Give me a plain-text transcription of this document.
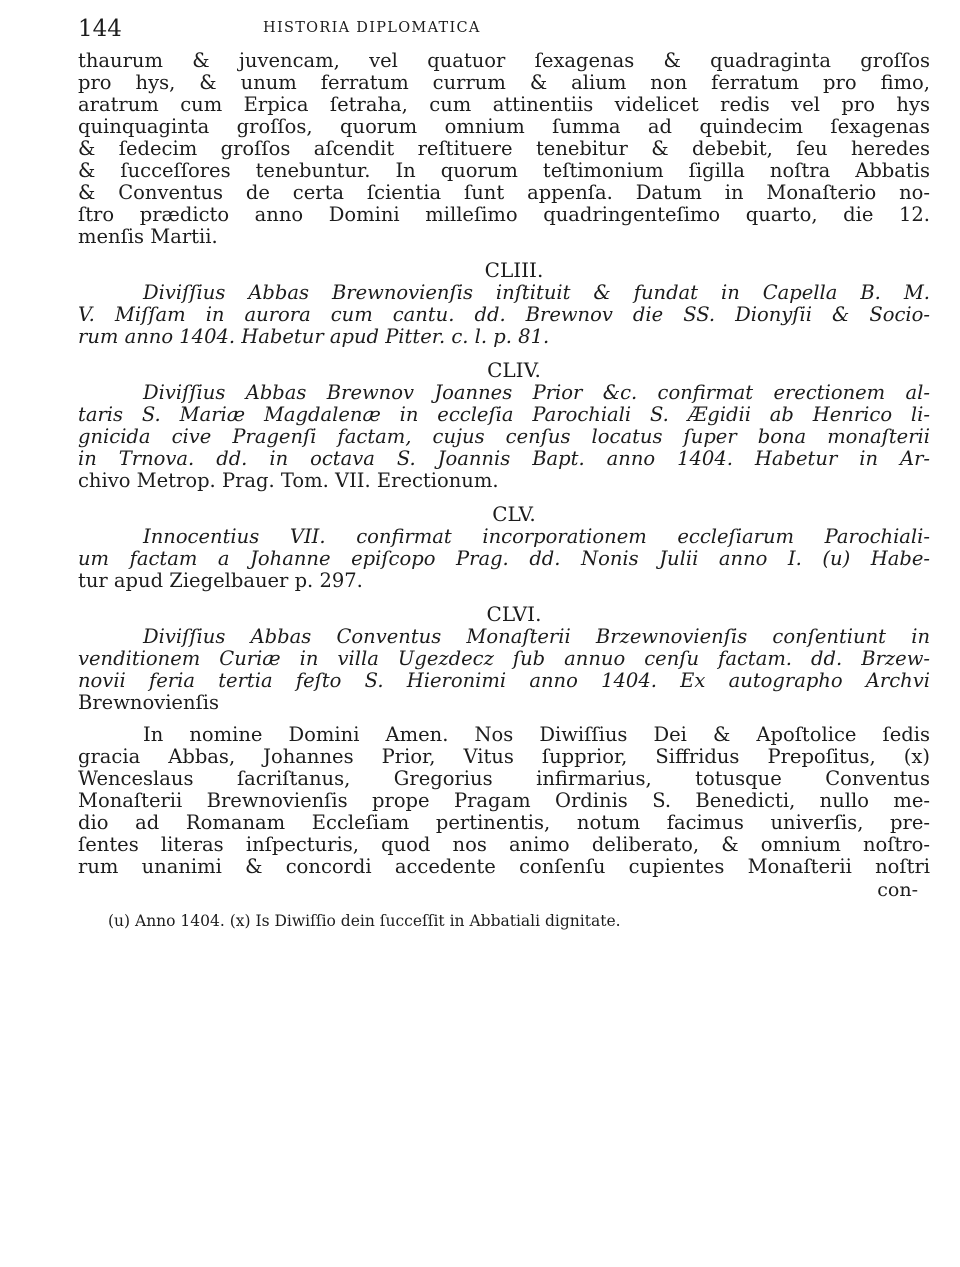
144	HISTORIA DIPLOMATICA
thaurum & juvencam, vel quatuor ſexagenas & quadraginta groſſos
pro hys, & unum ferratum currum & alium non ferratum pro fimo,
aratrum cum Erpica ſetraha, cum attinentiis videlicet redis vel pro hys
quinquaginta groſſos, quorum omnium ſumma ad quindecim ſexagenas
& ſedecim groſſos aſcendit reſtituere tenebitur & debebit, ſeu heredes
& ſucceſſores tenebuntur. In quorum teſtimonium ſigilla noſtra Abbatis
& Conventus de certa ſcientia ſunt appenſa. Datum in Monaſterio no-
ſtro prædicto anno Domini milleſimo quadringenteſimo quarto, die 12.
menſis Martii.
CLIII.
Diviſſius Abbas Brewnovienſis inſtituit & fundat in Capella B. M.
V. Miſſam in aurora cum cantu. dd. Brewnov die SS. Dionyſii & Socio-
rum anno 1404. Habetur apud Pitter. c. l. p. 81.
CLIV.
Diviſſius Abbas Brewnov Joannes Prior &c. confirmat erectionem al-
taris S. Mariæ Magdalenæ in eccleſia Parochiali S. Ægidii ab Henrico li-
gnicida cive Pragenſi factam, cujus cenſus locatus ſuper bona monaſterii
in Trnova. dd. in octava S. Joannis Bapt. anno 1404. Habetur in Ar-
chivo Metrop. Prag. Tom. VII. Erectionum.
CLV.
Innocentius VII. confirmat incorporationem eccleſiarum Parochiali-
um factam a Johanne epiſcopo Prag. dd. Nonis Julii anno I. (u) Habe-
tur apud Ziegelbauer p. 297.
CLVI.
Diviſſius Abbas Conventus Monaſterii Brzewnovienſis conſentiunt in
venditionem Curiæ in villa Ugezdecz ſub annuo cenſu factam. dd. Brzew-
novii feria tertia feſto S. Hieronimi anno 1404. Ex autographo Archvi
Brewnovienſis
In nomine Domini Amen. Nos Diwiſſius Dei & Apoſtolice ſedis
gracia Abbas, Johannes Prior, Vitus ſupprior, Siffridus Prepoſitus, (x)
Wenceslaus ſacriſtanus, Gregorius infirmarius, totusque Conventus
Monaſterii Brewnovienſis prope Pragam Ordinis S. Benedicti, nullo me-
dio ad Romanam Eccleſiam pertinentis, notum facimus univerſis, pre-
ſentes literas inſpecturis, quod nos animo deliberato, & omnium noſtro-
rum unanimi & concordi accedente conſenſu cupientes Monaſterii noſtri
con-
(u) Anno 1404. (x) Is Diwiſſio dein ſucceſſit in Abbatiali dignitate.
